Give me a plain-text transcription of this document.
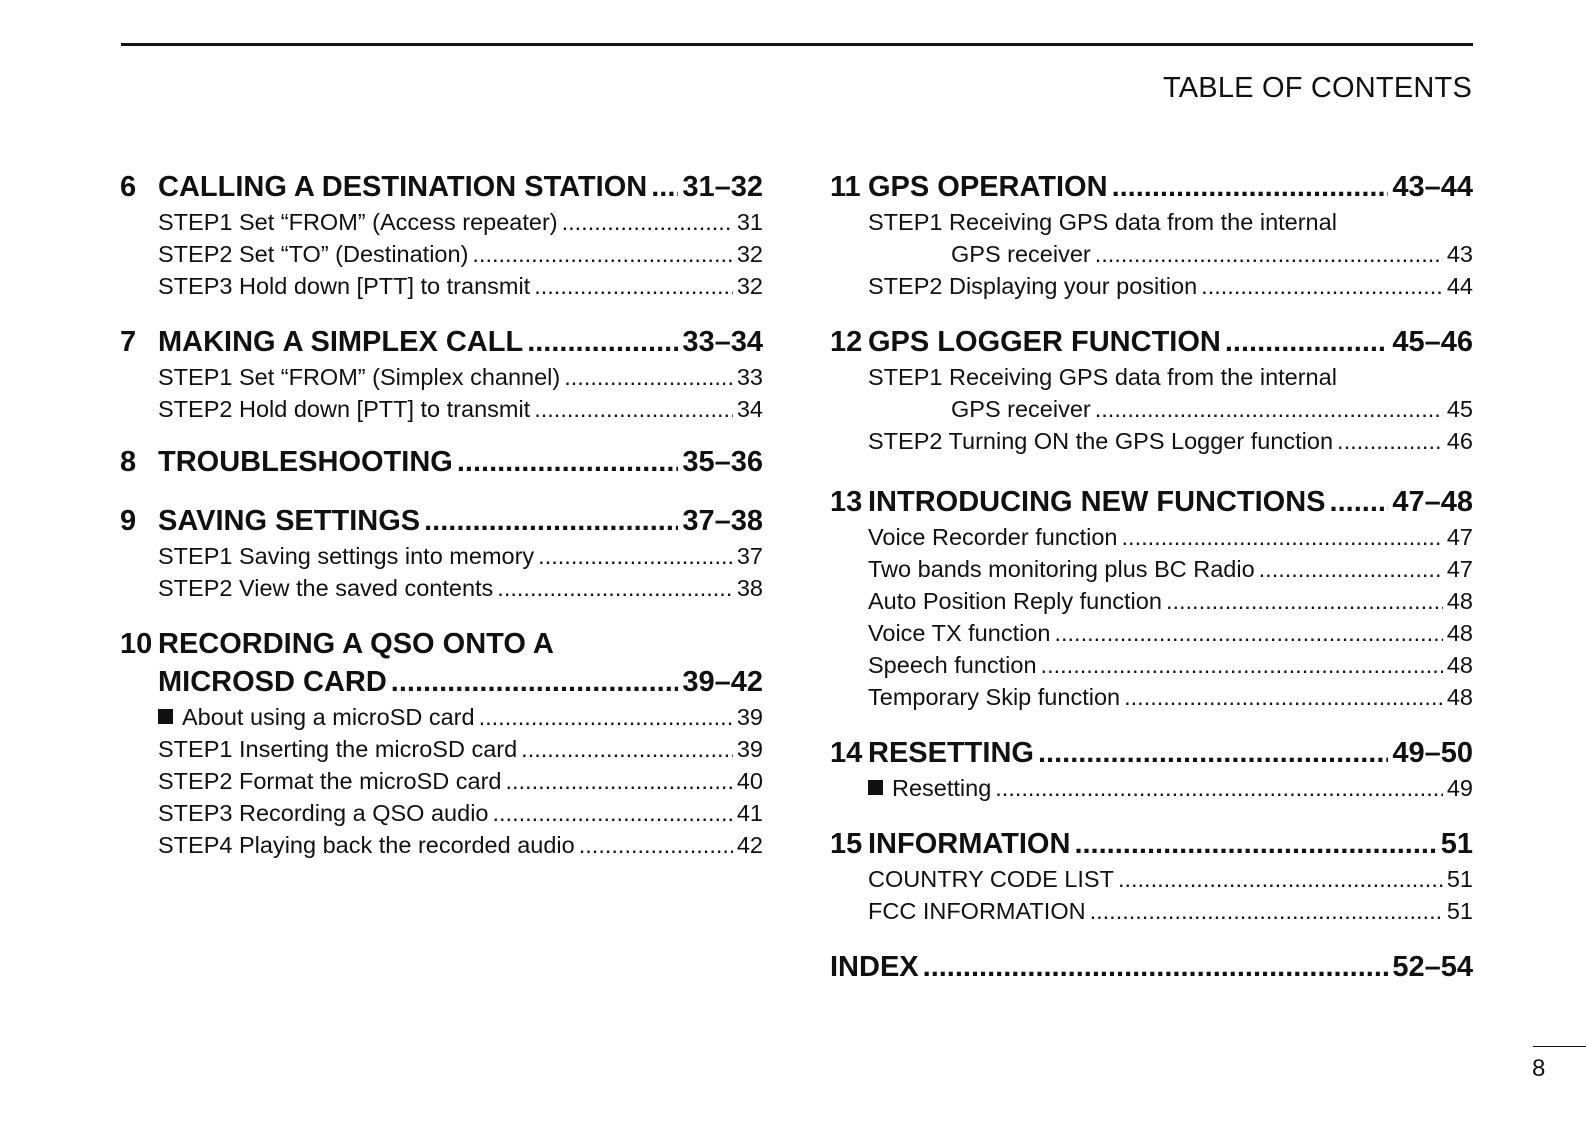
TABLE OF CONTENTS
6 CALLING A DESTINATION STATION ..... 31–32
STEP1 Set “FROM” (Access repeater) .....	31
STEP2 Set “TO” (Destination) .....	32
STEP3 Hold down [PTT] to transmit .....	32
7 MAKING A SIMPLEX CALL .....	33–34
STEP1 Set “FROM” (Simplex channel) .....	33
STEP2 Hold down [PTT] to transmit .....	34
8 TROUBLESHOOTING .....	35–36
9 SAVING SETTINGS .....	37–38
STEP1 Saving settings into memory .....	37
STEP2 View the saved contents .....	38
10 RECORDING A QSO ONTO A
MICROSD CARD .....	39–42
About using a microSD card .....	39
STEP1 Inserting the microSD card .....	39
STEP2 Format the microSD card .....	40
STEP3 Recording a QSO audio .....	41
STEP4 Playing back the recorded audio .....	42
11 GPS OPERATION .....	43–44
STEP1 Receiving GPS data from the internal
GPS receiver .....	43
STEP2 Displaying your position .....	44
12 GPS LOGGER FUNCTION .....	45–46
STEP1 Receiving GPS data from the internal
GPS receiver .....	45
STEP2 Turning ON the GPS Logger function .....	46
13 INTRODUCING NEW FUNCTIONS ..... 47–48
Voice Recorder function .....	47
Two bands monitoring plus BC Radio .....	47
Auto Position Reply function .....	48
Voice TX function .....	48
Speech function .....	48
Temporary Skip function .....	48
14 RESETTING .....	49–50
Resetting .....	49
15 INFORMATION .....	51
COUNTRY CODE LIST .....	51
FCC INFORMATION .....	51
INDEX .....	52–54
8
